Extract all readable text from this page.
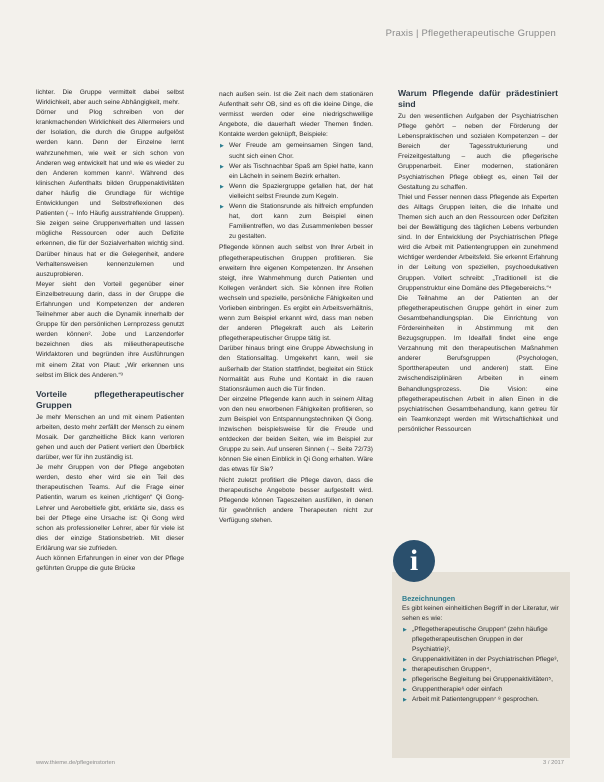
Praxis | Pflegetherapeutische Gruppen

lichter. Die Gruppe vermittelt dabei selbst Wirklichkeit, aber auch seine Abhängigkeit, mehr.

Dörner und Plog schreiben von der krankmachenden Wirklichkeit des Allermeiers und der Isolation, die durch die Gruppe aufgelöst werden kann. Denn der Einzelne lernt wahrzunehmen, wie weit er sich schon von Anderen weg entwickelt hat und wie es wieder zu den Anderen kommen kann¹. Während des klinischen Aufenthalts bilden Gruppenaktivitäten daher häufig die Grundlage für wichtige Entwicklungen und Selbstreflexionen des Patienten (→ Info Häufig ausstrahlende Gruppen). Sie zeigen seine Gruppenverhalten und lassen mögliche Ressourcen oder auch Defizite erkennen, die für der Sozialverhalten wichtig sind. Darüber hinaus hat er die Gelegenheit, andere Verhaltensweisen kennenzulernen und auszuprobieren.

Meyer sieht den Vorteil gegenüber einer Einzelbetreuung darin, dass in der Gruppe die Erfahrungen und Kompetenzen der anderen Teilnehmer aber auch die Dynamik innerhalb der Gruppe für den persönlichen Lernprozess genutzt werden können². Jobe und Lanzendorfer bezeichnen dies als milieutherapeutische Wirkfaktoren und begründen ihre Ausführungen mit einem Zitat von Plaut: „Wir erkennen uns selbst im Blick des Anderen.“³

Vorteile pflegetherapeutischer Gruppen

Je mehr Menschen an und mit einem Patienten arbeiten, desto mehr zerfällt der Mensch zu einem Mosaik. Der ganzheitliche Blick kann verloren gehen und auch der Patient verliert den Überblick darüber, wer für ihn zuständig ist.

Je mehr Gruppen von der Pflege angeboten werden, desto eher wird sie ein Teil des therapeutischen Teams. Auf die Frage einer Patientin, warum es keinen „richtigen“ Qi Gong-Lehrer und Aerobeltiefe gibt, erklärte sie, dass es bei der Pflege eine Ursache ist: Qi Gong wird schon als professioneller Lehrer, aber für viele ist dies der einzige Stationsbetrieb. Mit dieser Erklärung war sie zufrieden.

Auch können Erfahrungen in einer von der Pflege geführten Gruppe die gute Brücke

nach außen sein. Ist die Zeit nach dem stationären Aufenthalt sehr OB, sind es oft die kleine Dinge, die vermisst werden oder eine niedrigschwellige Angebote, die dauerhaft wieder Themen finden. Kontakte werden geknüpft, Beispiele:

▶ Wer Freude am gemeinsamen Singen fand, sucht sich einen Chor.
▶ Wer als Tischnachbar Spaß am Spiel hatte, kann ein Lächeln in seinem Bezirk erhalten.
▶ Wenn die Spaziergruppe gefallen hat, der hat vielleicht selbst Freunde zum Kegeln.
▶ Wenn die Stationsrunde als hilfreich empfunden hat, dort kann zum Beispiel einen Familientreffen, wo das Zusammenleben besser zu gestalten.

Pflegende können auch selbst von Ihrer Arbeit in pflegetherapeutischen Gruppen profitieren. Sie erweitern Ihre eigenen Kompetenzen. Ihr Ansehen steigt, ihre Wahrnehmung durch Patienten und Kollegen verändert sich. Sie können ihre Rollen wechseln und spezielle, persönliche Fähigkeiten und Vorlieben einbringen. Es ergibt ein Arbeitsverhältnis, wenn zum Beispiel erkannt wird, dass man neben der anderen Pflegekraft auch als Leiterin pflegetherapeutischer Gruppe tätig ist.

Darüber hinaus bringt eine Gruppe Abwechslung in den Stationsalltag. Umgekehrt kann, weil sie außerhalb der Station stattfindet, begleitet ein Stück Normalität aus Ruhe und Kontakt in die rauen Stationsräumen auch die Tür finden.

Der einzelne Pflegende kann auch in seinem Alltag von den neu erworbenen Fähigkeiten profitieren, so zum Beispiel von Entspannungstechniken Qi Gong. Inzwischen beispielsweise für die Freude und entdecken der beiden Seiten, wie im Beispiel zur Gruppe zu sein. Auf unseren Sinnen (→ Seite 72/73) können Sie einen Einblick in Qi Gong erhalten. Wäre das etwas für Sie?

Nicht zuletzt profitiert die Pflege davon, dass die therapeutische Angebote besser aufgestellt wird. Pflegende können Tageszeiten ausfüllen, in denen für gewöhnlich andere Therapeuten nicht zur Verfügung stehen.

Warum Pflegende dafür prädestiniert sind

Zu den wesentlichen Aufgaben der Psychiatrischen Pflege gehört – neben der Förderung der Lebenspraktischen und sozialen Kompetenzen – der Bereich der Tagesstrukturierung und Freizeitgestaltung – auch die pflegerische Gruppenarbeit. Einer modernen, stationären Psychiatrischen Pflege obliegt es, einen Teil der Gestaltung zu schaffen.

Thiel und Fesser nennen dass Pflegende als Experten des Alltags Gruppen leiten, die die Inhalte und Themen sich auch an den Ressourcen oder Defiziten bei der Bewältigung des täglichen Lebens verbunden sind. In der Entwicklung der Psychiatrischen Pflege wird die Arbeit mit Patientengruppen ein zunehmend wichtiger werdender Arbeitsfeld. Sie erkennt Erfahrung in der Leitung von speziellen, psychoedukativen Gruppen. Vollert schreibt: „Traditionell ist die Gruppenstruktur eine Domäne des Pflegebereichs.“⁴

Die Teilnahme an der Patienten an der pflegetherapeutischen Gruppe gehört in einer zum Gesamtbehandlungsplan. Die Einrichtung von Fördereinheiten in Abstimmung mit den Bezugsgruppen. Im Idealfall findet eine enge Verzahnung mit den therapeutischen Maßnahmen anderer Berufsgruppen (Psychologen, Sporttherapeuten und anderen) statt. Eine zwischendisziplinären Arbeiten in einem Behandlungsprozess. Die Vision: eine pflegetherapeutischen Arbeit in allen Einen in die psychiatrischen Gesamtbehandlung, kann getreu für ein Teamkonzept werden mit Wirtschaftlichkeit und persönlicher Ressourcen

i

Bezeichnungen

Es gibt keinen einheitlichen Begriff in der Literatur, wir sehen es wie:

▶ „Pflegetherapeutische Gruppen“ (zehn häufige pflegetherapeutischen Gruppen in der Psychiatrie)²,
▶ Gruppenaktivitäten in der Psychiatrischen Pflege³,
▶ therapeutischen Gruppen⁴,
▶ pflegerische Begleitung bei Gruppenaktivitäten⁵,
▶ Gruppentherapie⁶ oder einfach
▶ Arbeit mit Patientengruppen⁷ ⁸ gesprochen.
www.thieme.de/pflegeinstorten	3 / 2017
